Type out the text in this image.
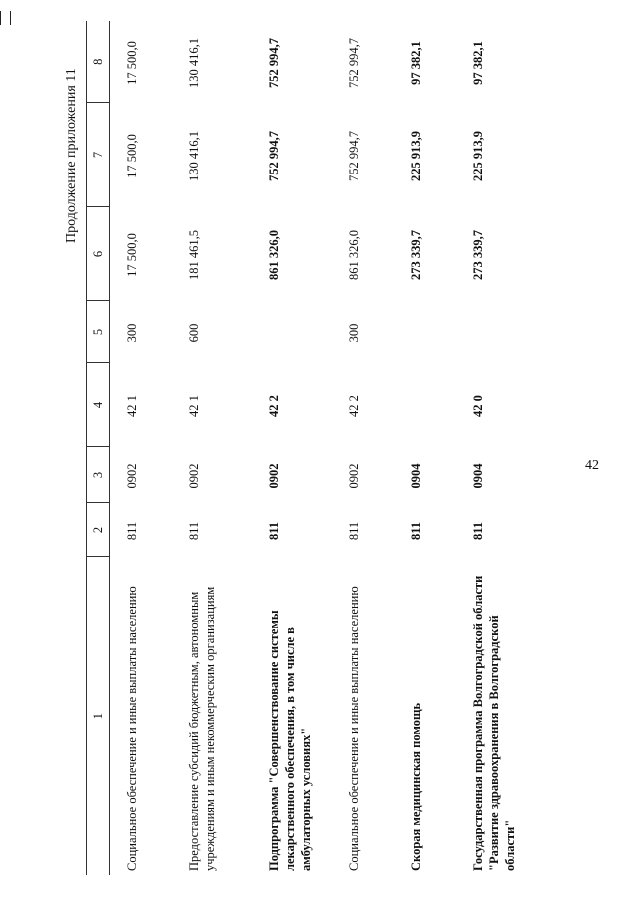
42
Продолжение приложения 11
1	2	3	4	5	6	7	8
Социальное обеспечение и иные выплаты населению	811	0902	42 1	300	17 500,0	17 500,0	17 500,0
Предоставление субсидий бюджетным, автономным учреждениям и иным некоммерческим организациям	811	0902	42 1	600	181 461,5	130 416,1	130 416,1
Подпрограмма "Совершенствование системы лекарственного обеспечения, в том числе в амбулаторных условиях"	811	0902	42 2		861 326,0	752 994,7	752 994,7
Социальное обеспечение и иные выплаты населению	811	0902	42 2	300	861 326,0	752 994,7	752 994,7
Скорая медицинская помощь	811	0904			273 339,7	225 913,9	97 382,1
Государственная программа Волгоградской области "Развитие здравоохранения в Волгоградской области"	811	0904	42 0		273 339,7	225 913,9	97 382,1
